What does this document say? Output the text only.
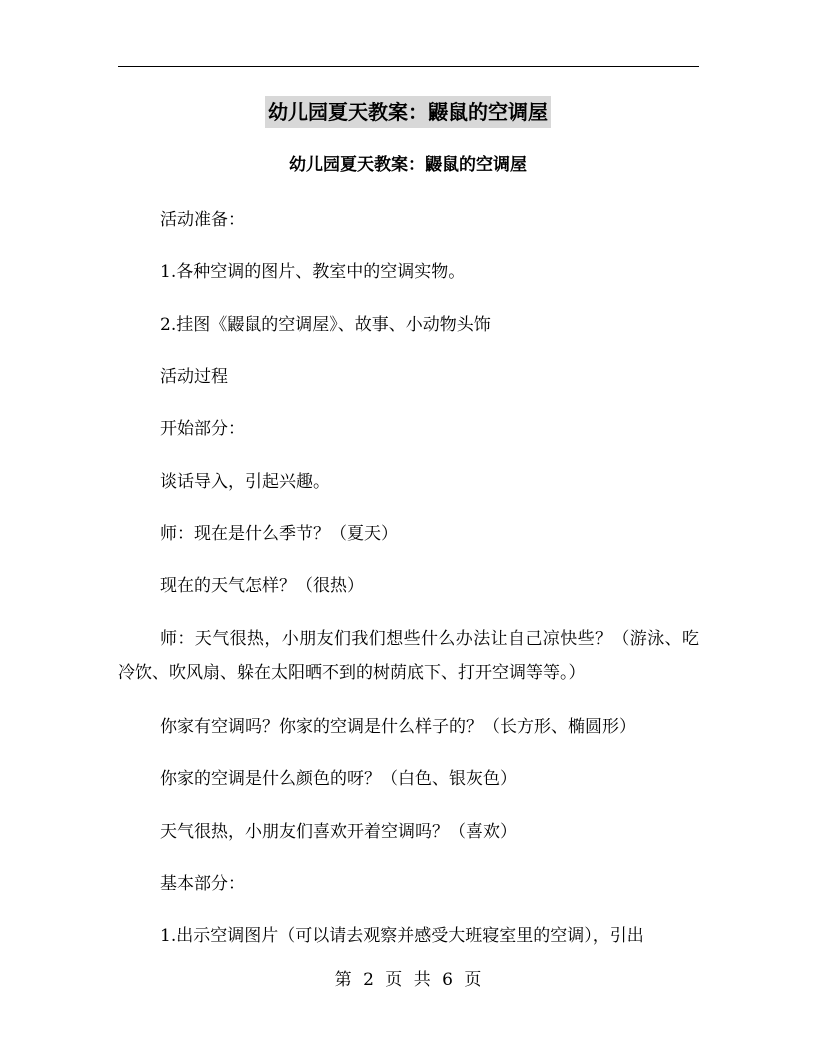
幼儿园夏天教案：鼹鼠的空调屋
幼儿园夏天教案：鼹鼠的空调屋
活动准备：
1.各种空调的图片、教室中的空调实物。
2.挂图《鼹鼠的空调屋》、故事、小动物头饰
活动过程
开始部分：
谈话导入，引起兴趣。
师：现在是什么季节？（夏天）
现在的天气怎样？（很热）
师：天气很热，小朋友们我们想些什么办法让自己凉快些？（游泳、吃冷饮、吹风扇、躲在太阳晒不到的树荫底下、打开空调等等。）
你家有空调吗？你家的空调是什么样子的？（长方形、椭圆形）
你家的空调是什么颜色的呀？（白色、银灰色）
天气很热，小朋友们喜欢开着空调吗？（喜欢）
基本部分：
1.出示空调图片（可以请去观察并感受大班寝室里的空调），引出
第 2 页 共 6 页
